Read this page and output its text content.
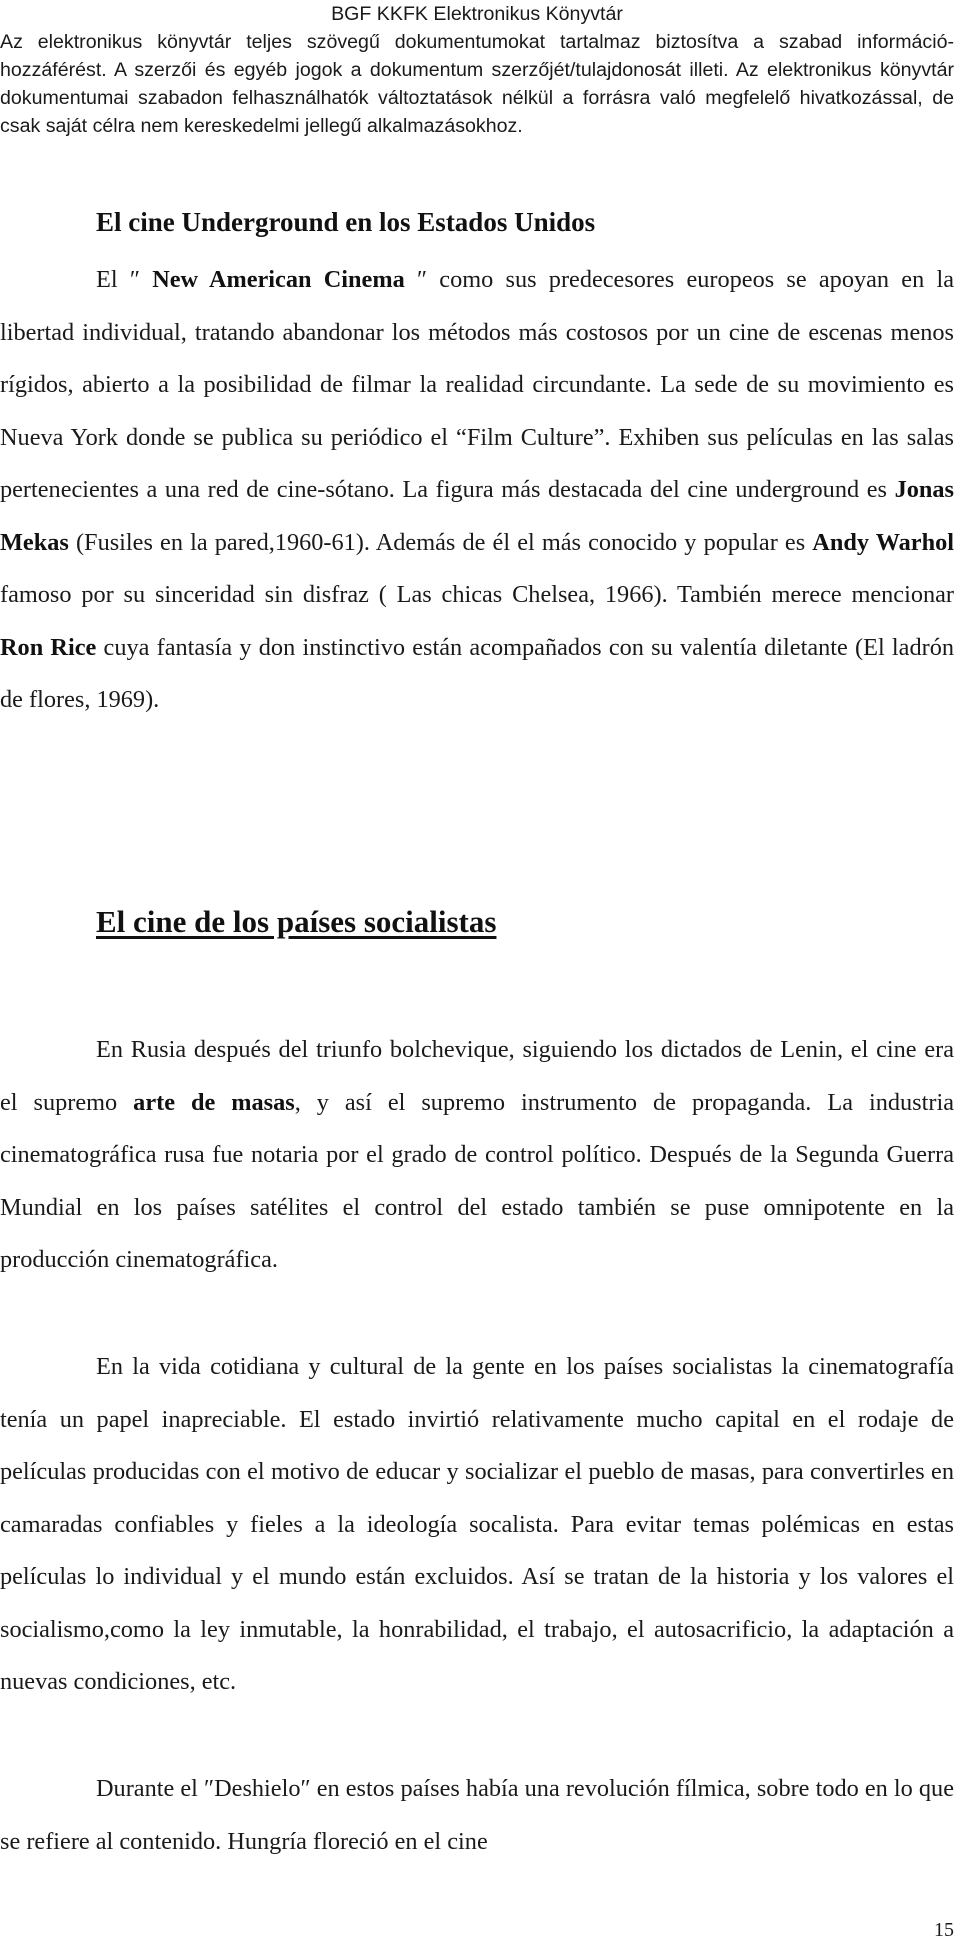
BGF KKFK Elektronikus Könyvtár
Az elektronikus könyvtár teljes szövegű dokumentumokat tartalmaz biztosítva a szabad információ-hozzáférést. A szerzői és egyéb jogok a dokumentum szerzőjét/tulajdonosát illeti. Az elektronikus könyvtár dokumentumai szabadon felhasználhatók változtatások nélkül a forrásra való megfelelő hivatkozással, de csak saját célra nem kereskedelmi jellegű alkalmazásokhoz.
El cine Underground en los Estados Unidos
El ″ New American Cinema ″ como sus predecesores europeos se apoyan en la libertad individual, tratando abandonar los métodos más costosos por un cine de escenas menos rígidos, abierto a la posibilidad de filmar la realidad circundante. La sede de su movimiento es Nueva York donde se publica su periódico el “Film Culture”. Exhiben sus películas en las salas pertenecientes a una red de cine-sótano. La figura más destacada del cine underground es Jonas Mekas (Fusiles en la pared,1960-61). Además de él el más conocido y popular es Andy Warhol famoso por su sinceridad sin disfraz ( Las chicas Chelsea, 1966). También merece mencionar Ron Rice cuya fantasía y don instinctivo están acompañados con su valentía diletante (El ladrón de flores, 1969).
El cine de los países socialistas
En Rusia después del triunfo bolchevique, siguiendo los dictados de Lenin, el cine era el supremo arte de masas, y así el supremo instrumento de propaganda. La industria cinematográfica rusa fue notaria por el grado de control político. Después de la Segunda Guerra Mundial en los países satélites el control del estado también se puse omnipotente en la producción cinematográfica.
En la vida cotidiana y cultural de la gente en los países socialistas la cinematografía tenía un papel inapreciable. El estado invirtió relativamente mucho capital en el rodaje de películas producidas con el motivo de educar y socializar el pueblo de masas, para convertirles en camaradas confiables y fieles a la ideología socalista. Para evitar temas polémicas en estas películas lo individual y el mundo están excluidos. Así se tratan de la historia y los valores el socialismo,como la ley inmutable, la honrabilidad, el trabajo, el autosacrificio, la adaptación a nuevas condiciones, etc.
Durante el ″Deshielo″ en estos países había una revolución fílmica, sobre todo en lo que se refiere al contenido. Hungría floreció en el cine
15
